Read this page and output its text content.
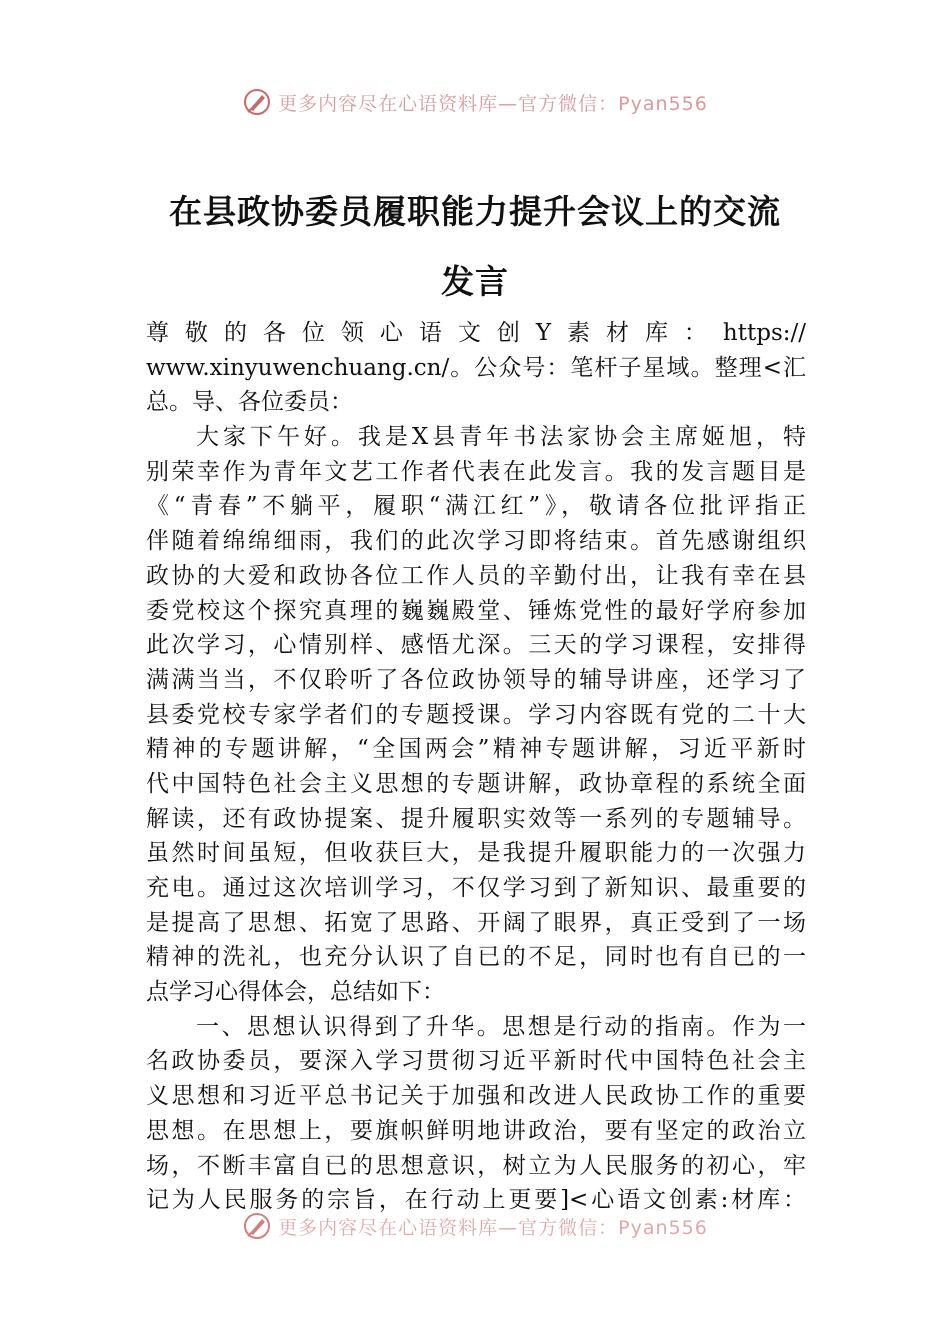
更多内容尽在心语资料库—官方微信：Pyan556
在县政协委员履职能力提升会议上的交流
发言
尊敬的各位领心语文创Y素材库：https://
www.xinyuwenchuang.cn/。公众号：笔杆子星域。整理<汇
总。导、各位委员：
大家下午好。我是X县青年书法家协会主席姬旭，特
别荣幸作为青年文艺工作者代表在此发言。我的发言题目是
《“青春”不躺平，履职“满江红”》，敬请各位批评指正
伴随着绵绵细雨，我们的此次学习即将结束。首先感谢组织
政协的大爱和政协各位工作人员的辛勤付出，让我有幸在县
委党校这个探究真理的巍巍殿堂、锤炼党性的最好学府参加
此次学习，心情别样、感悟尤深。三天的学习课程，安排得
满满当当，不仅聆听了各位政协领导的辅导讲座，还学习了
县委党校专家学者们的专题授课。学习内容既有党的二十大
精神的专题讲解，“全国两会”精神专题讲解，习近平新时
代中国特色社会主义思想的专题讲解，政协章程的系统全面
解读，还有政协提案、提升履职实效等一系列的专题辅导。
虽然时间虽短，但收获巨大，是我提升履职能力的一次强力
充电。通过这次培训学习，不仅学习到了新知识、最重要的
是提高了思想、拓宽了思路、开阔了眼界，真正受到了一场
精神的洗礼，也充分认识了自已的不足，同时也有自已的一
点学习心得体会，总结如下：
一、思想认识得到了升华。思想是行动的指南。作为一
名政协委员，要深入学习贯彻习近平新时代中国特色社会主
义思想和习近平总书记关于加强和改进人民政协工作的重要
思想。在思想上，要旗帜鲜明地讲政治，要有坚定的政治立
场，不断丰富自已的思想意识，树立为人民服务的初心，牢
记为人民服务的宗旨，在行动上更要]<心语文创素:材库：
更多内容尽在心语资料库—官方微信：Pyan556
